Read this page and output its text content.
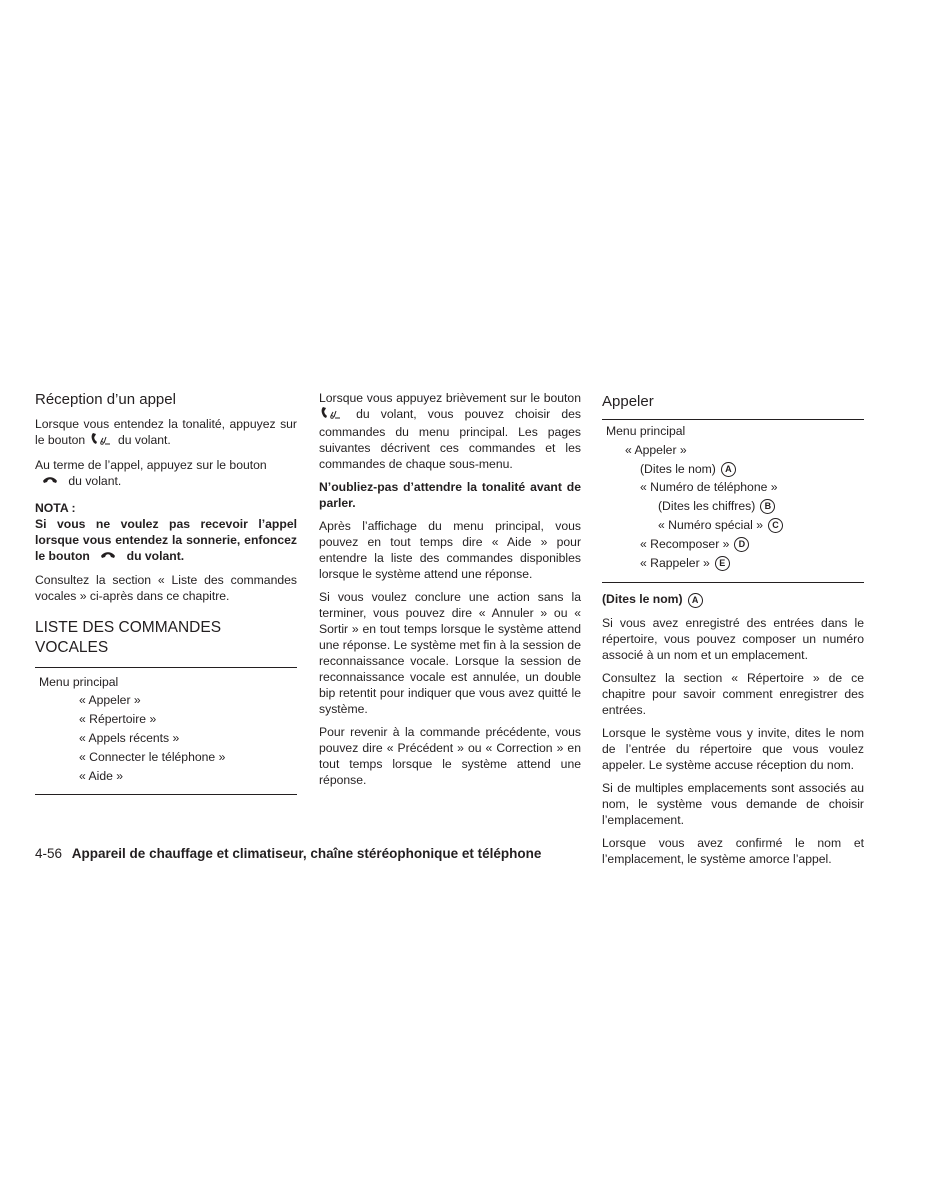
Réception d’un appel

Lorsque vous entendez la tonalité, appuyez sur le bouton	du volant.

Au terme de l’appel, appuyez sur le bouton  du volant.

NOTA :

Si vous ne voulez pas recevoir l’appel lorsque vous entendez la sonnerie, enfoncez le bouton	du volant.

Consultez la section « Liste des commandes vocales » ci-après dans ce chapitre.

LISTE DES COMMANDES VOCALES
Menu principal
« Appeler »
« Répertoire »
« Appels récents »
« Connecter le téléphone »
« Aide »

Lorsque vous appuyez brièvement sur le bouton  du volant, vous pouvez choisir des commandes du menu principal. Les pages suivantes décrivent ces commandes et les commandes de chaque sous-menu.

N’oubliez-pas d’attendre la tonalité avant de parler.

Après l’affichage du menu principal, vous pouvez en tout temps dire « Aide » pour entendre la liste des commandes disponibles lorsque le système attend une réponse.

Si vous voulez conclure une action sans la terminer, vous pouvez dire « Annuler » ou « Sortir » en tout temps lorsque le système attend une réponse. Le système met fin à la session de reconnaissance vocale. Lorsque la session de reconnaissance vocale est annulée, un double bip retentit pour indiquer que vous avez quitté le système.

Pour revenir à la commande précédente, vous pouvez dire « Précédent » ou « Correction » en tout temps lorsque le système attend une réponse.

Appeler
Menu principal
« Appeler »
(Dites le nom) A
« Numéro de téléphone »
(Dites les chiffres) B
« Numéro spécial » C
« Recomposer » D
« Rappeler » E
(Dites le nom) A

Si vous avez enregistré des entrées dans le répertoire, vous pouvez composer un numéro associé à un nom et un emplacement.

Consultez la section « Répertoire » de ce chapitre pour savoir comment enregistrer des entrées.

Lorsque le système vous y invite, dites le nom de l’entrée du répertoire que vous voulez appeler. Le système accuse réception du nom.

Si de multiples emplacements sont associés au nom, le système vous demande de choisir l’emplacement.

Lorsque vous avez confirmé le nom et l’emplacement, le système amorce l’appel.

4-56 Appareil de chauffage et climatiseur, chaîne stéréophonique et téléphone
